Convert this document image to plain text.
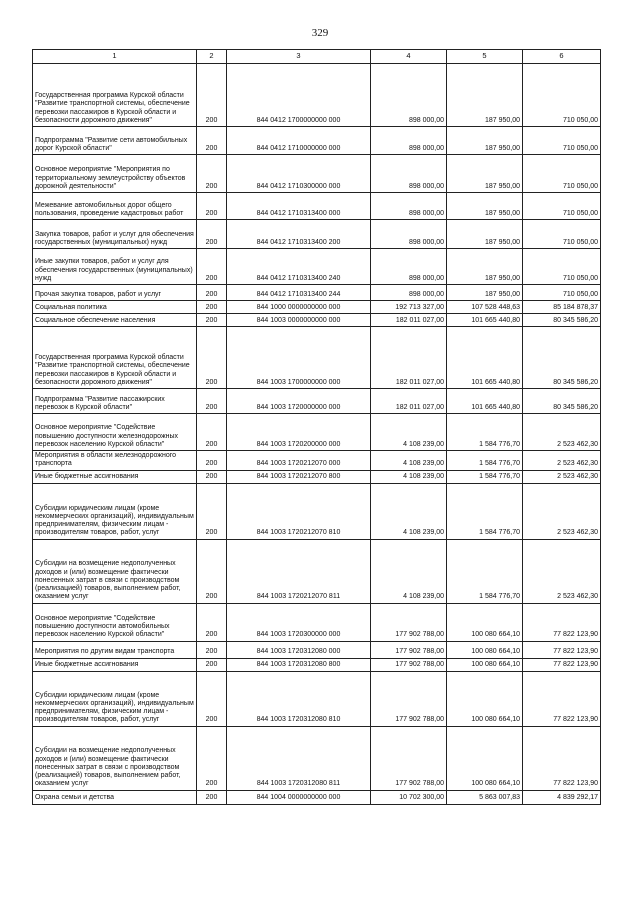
329
1	2	3	4	5	6
Государственная программа Курской области "Развитие транспортной системы, обеспечение перевозки пассажиров в Курской области и безопасности дорожного движения"	200	844 0412 1700000000 000	898 000,00	187 950,00	710 050,00
Подпрограмма "Развитие сети автомобильных дорог Курской области"	200	844 0412 1710000000 000	898 000,00	187 950,00	710 050,00
Основное мероприятие "Мероприятия по территориальному землеустройству объектов дорожной деятельности"	200	844 0412 1710300000 000	898 000,00	187 950,00	710 050,00
Межевание автомобильных дорог общего пользования, проведение кадастровых работ	200	844 0412 1710313400 000	898 000,00	187 950,00	710 050,00
Закупка товаров, работ и услуг для обеспечения государственных (муниципальных) нужд	200	844 0412 1710313400 200	898 000,00	187 950,00	710 050,00
Иные закупки товаров, работ и услуг для обеспечения государственных (муниципальных) нужд	200	844 0412 1710313400 240	898 000,00	187 950,00	710 050,00
Прочая закупка товаров, работ и услуг	200	844 0412 1710313400 244	898 000,00	187 950,00	710 050,00
Социальная политика	200	844 1000 0000000000 000	192 713 327,00	107 528 448,63	85 184 878,37
Социальное обеспечение населения	200	844 1003 0000000000 000	182 011 027,00	101 665 440,80	80 345 586,20
Государственная программа Курской области "Развитие транспортной системы, обеспечение перевозки пассажиров в Курской области и безопасности дорожного движения"	200	844 1003 1700000000 000	182 011 027,00	101 665 440,80	80 345 586,20
Подпрограмма "Развитие пассажирских перевозок в Курской области"	200	844 1003 1720000000 000	182 011 027,00	101 665 440,80	80 345 586,20
Основное мероприятие "Содействие повышению доступности железнодорожных перевозок населению Курской области"	200	844 1003 1720200000 000	4 108 239,00	1 584 776,70	2 523 462,30
Мероприятия в области железнодорожного транспорта	200	844 1003 1720212070 000	4 108 239,00	1 584 776,70	2 523 462,30
Иные бюджетные ассигнования	200	844 1003 1720212070 800	4 108 239,00	1 584 776,70	2 523 462,30
Субсидии юридическим лицам (кроме некоммерческих организаций), индивидуальным предпринимателям, физическим лицам - производителям товаров, работ, услуг	200	844 1003 1720212070 810	4 108 239,00	1 584 776,70	2 523 462,30
Субсидии на возмещение недополученных доходов и (или) возмещение фактически понесенных затрат в связи с производством (реализацией) товаров, выполнением работ, оказанием услуг	200	844 1003 1720212070 811	4 108 239,00	1 584 776,70	2 523 462,30
Основное мероприятие "Содействие повышению доступности автомобильных перевозок населению Курской области"	200	844 1003 1720300000 000	177 902 788,00	100 080 664,10	77 822 123,90
Мероприятия по другим видам транспорта	200	844 1003 1720312080 000	177 902 788,00	100 080 664,10	77 822 123,90
Иные бюджетные ассигнования	200	844 1003 1720312080 800	177 902 788,00	100 080 664,10	77 822 123,90
Субсидии юридическим лицам (кроме некоммерческих организаций), индивидуальным предпринимателям, физическим лицам - производителям товаров, работ, услуг	200	844 1003 1720312080 810	177 902 788,00	100 080 664,10	77 822 123,90
Субсидии на возмещение недополученных доходов и (или) возмещение фактически понесенных затрат в связи с производством (реализацией) товаров, выполнением работ, оказанием услуг	200	844 1003 1720312080 811	177 902 788,00	100 080 664,10	77 822 123,90
Охрана семьи и детства	200	844 1004 0000000000 000	10 702 300,00	5 863 007,83	4 839 292,17
